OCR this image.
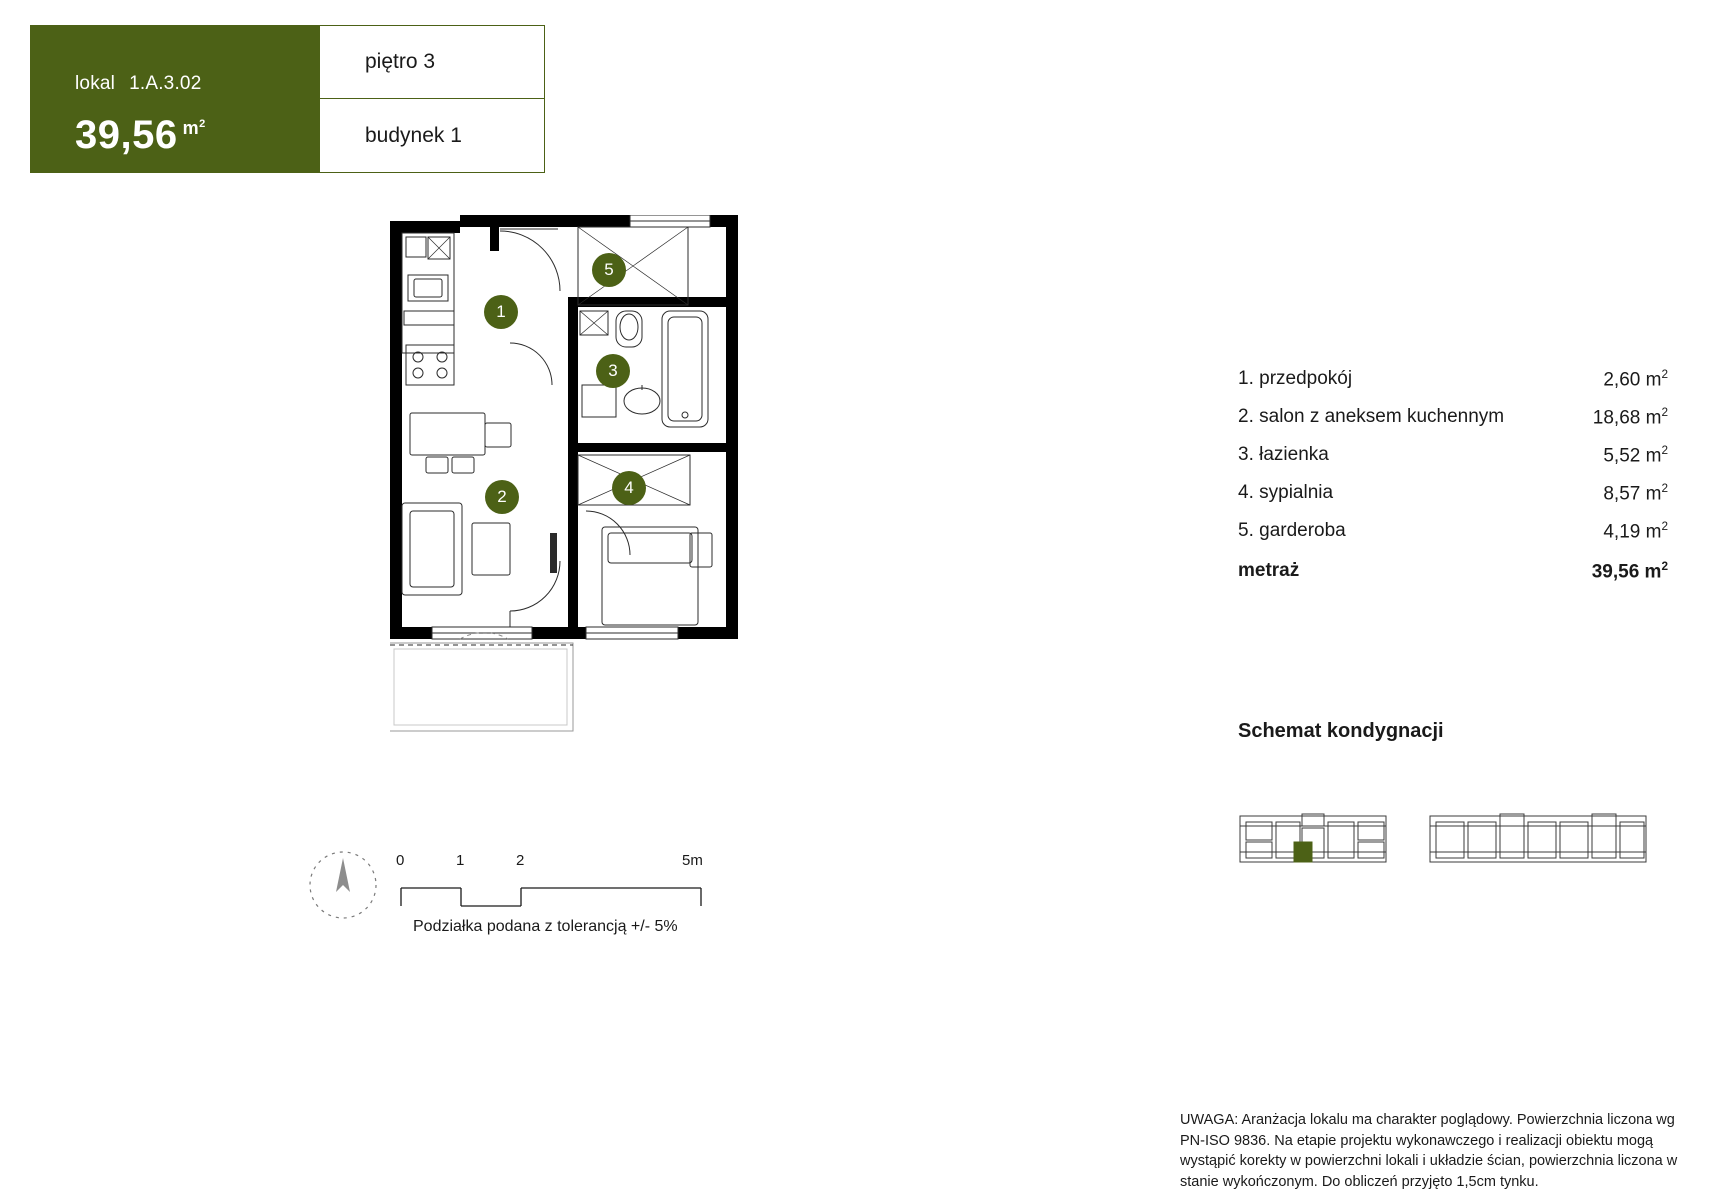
lokal 1.A.3.02
39,56 $^{m^2}$
piętro 3
budynek 1
1
2
3
4
5
0	1	2	5m
Podziałka podana z tolerancją +/- 5%
1. przedpokój	2,60 $m^2$
2. salon z aneksem kuchennym	18,68 $m^2$
3. łazienka	5,52 $m^2$
4. sypialnia	8,57 $m^2$
5. garderoba	4,19 $m^2$
metraż	39,56 $m^2$
Schemat kondygnacji
UWAGA: Aranżacja lokalu ma charakter poglądowy. Powierzchnia liczona wg PN-ISO 9836. Na etapie projektu wykonawczego i realizacji obiektu mogą wystąpić korekty w powierzchni lokali i układzie ścian, powierzchnia liczona w stanie wykończonym. Do obliczeń przyjęto 1,5cm tynku.
